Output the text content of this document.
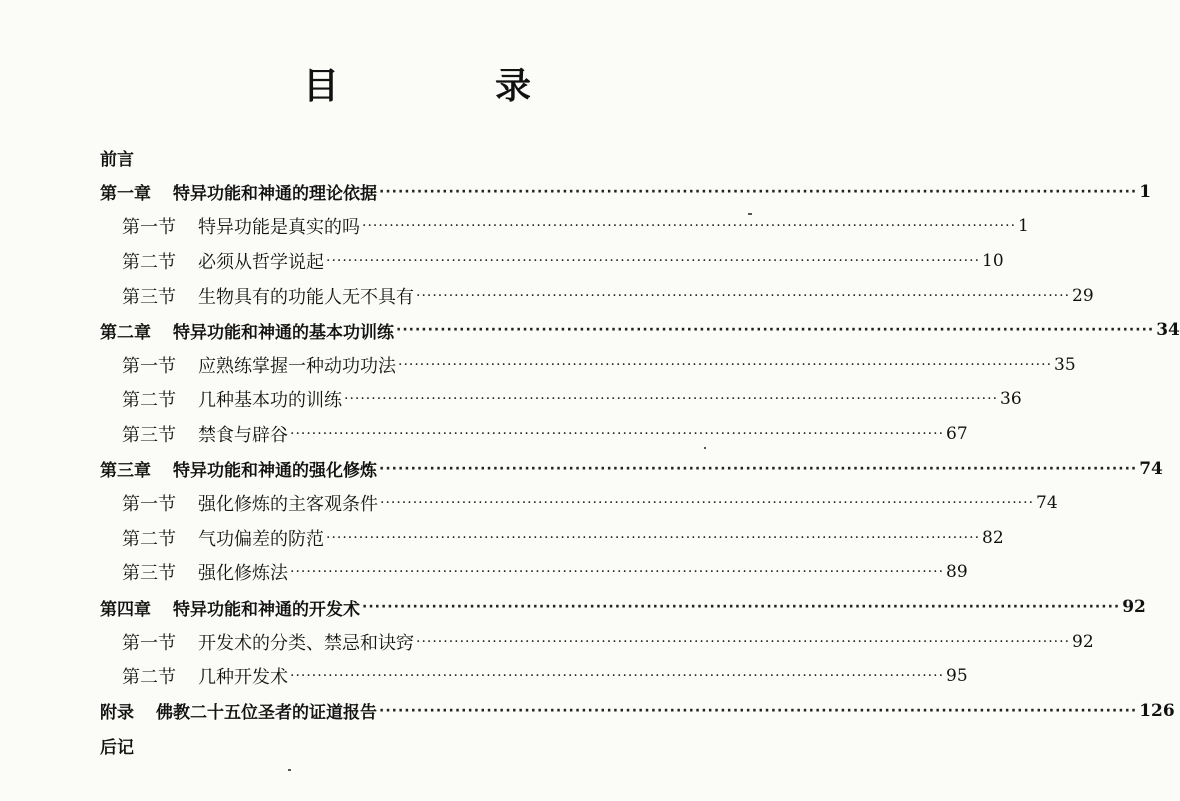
目　录
前言
第一章 特异功能和神通的理论依据 ························································································································ 1
第一节 特异功能是真实的吗 ························································································································ 1
第二节 必须从哲学说起 ························································································································ 10
第三节 生物具有的功能人无不具有 ························································································································ 29
第二章 特异功能和神通的基本功训练 ························································································································ 34
第一节 应熟练掌握一种动功功法 ························································································································ 35
第二节 几种基本功的训练 ························································································································ 36
第三节 禁食与辟谷 ························································································································ 67
第三章 特异功能和神通的强化修炼 ························································································································ 74
第一节 强化修炼的主客观条件 ························································································································ 74
第二节 气功偏差的防范 ························································································································ 82
第三节 强化修炼法 ························································································································ 89
第四章 特异功能和神通的开发术 ························································································································ 92
第一节 开发术的分类、禁忌和诀窍 ························································································································ 92
第二节 几种开发术 ························································································································ 95
附录 佛教二十五位圣者的证道报告 ························································································································ 126
后记
